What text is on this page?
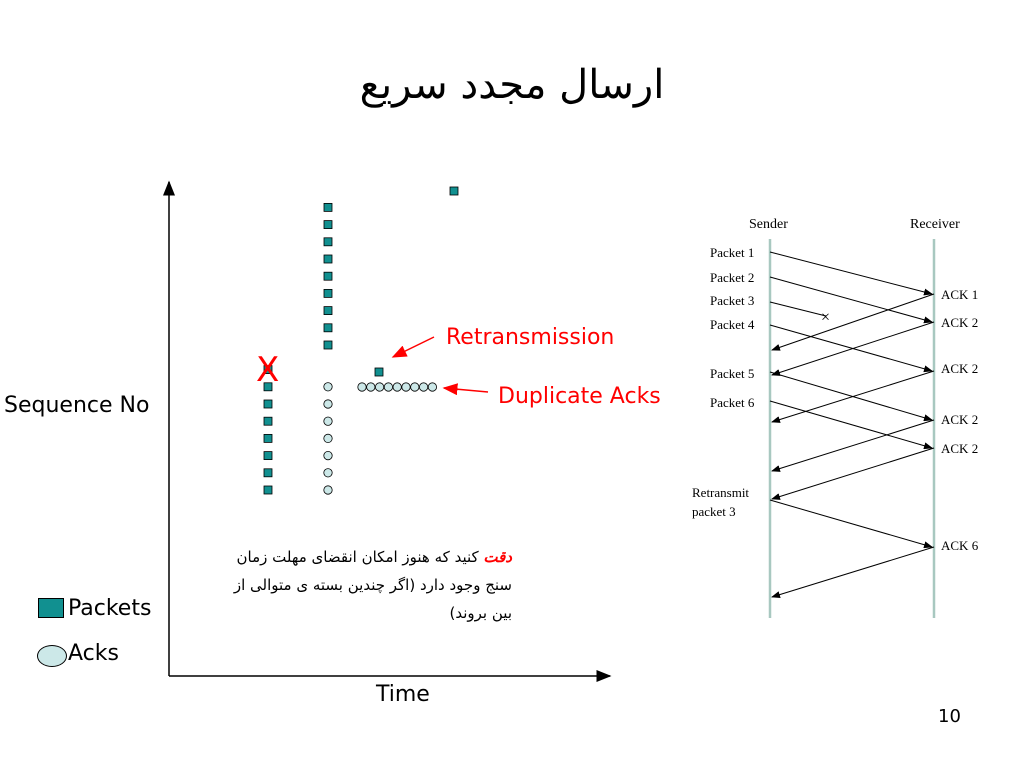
ارسال مجدد سریع
X
Sequence No
Time
Retransmission
Duplicate Acks
Packets
Acks
دقت کنید که هنوز امکان انقضای مهلت زمان سنج وجود دارد (اگر چندین بسته ی متوالی از بین بروند)
Sender	Receiver
×
Packet 1
Packet 2
Packet 3
Packet 4
Packet 5
Packet 6
Retransmit
packet 3
ACK 1
ACK 2
ACK 2
ACK 2
ACK 2
ACK 6
10
